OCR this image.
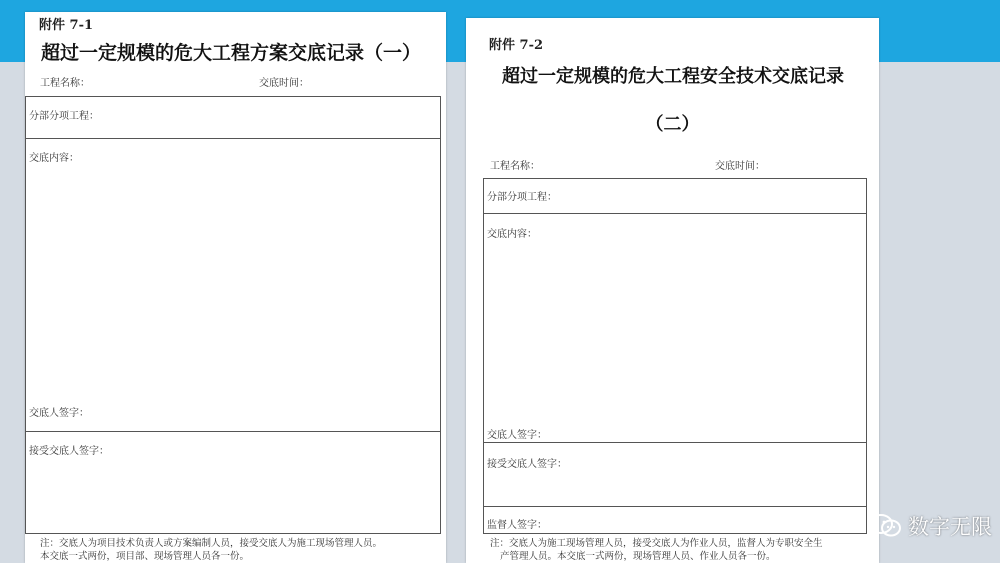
附件 7-1
超过一定规模的危大工程方案交底记录（一）
工程名称：	交底时间：
分部分项工程：
交底内容：
交底人签字：
接受交底人签字：
注：交底人为项目技术负责人或方案编制人员，接受交底人为施工现场管理人员。
本交底一式两份，项目部、现场管理人员各一份。
附件 7-2
超过一定规模的危大工程安全技术交底记录
（二）
工程名称：	交底时间：
分部分项工程：
交底内容：
交底人签字：
接受交底人签字：
监督人签字：
注：交底人为施工现场管理人员，接受交底人为作业人员，监督人为专职安全生
产管理人员。本交底一式两份，现场管理人员、作业人员各一份。
数字无限
